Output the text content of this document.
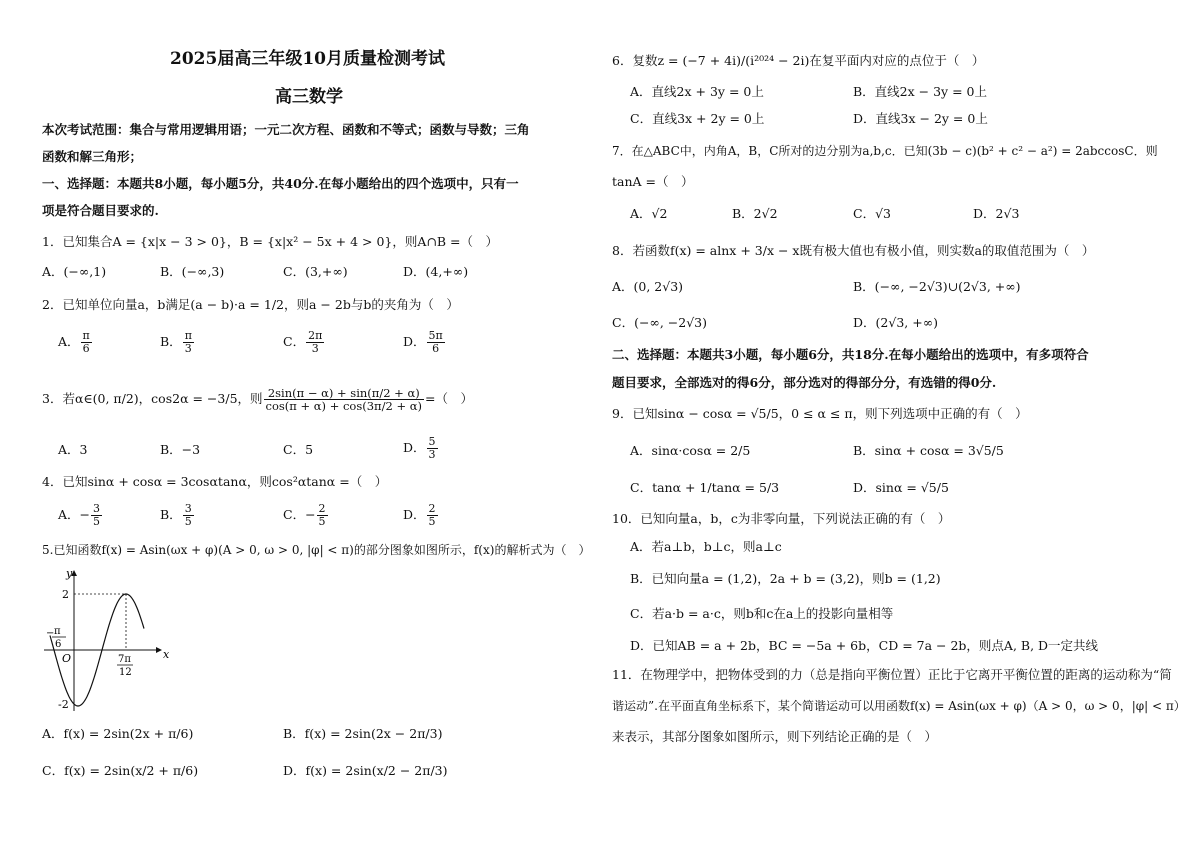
2025届高三年级10月质量检测考试
高三数学
本次考试范围：集合与常用逻辑用语；一元二次方程、函数和不等式；函数与导数；三角
函数和解三角形；
一、选择题：本题共8小题，每小题5分，共40分.在每小题给出的四个选项中，只有一
项是符合题目要求的.
1．已知集合A = {x|x − 3 > 0}，B = {x|x² − 5x + 4 > 0}，则A∩B =（　）
A．(−∞,1)	B．(−∞,3)	C．(3,+∞)	D．(4,+∞)
2．已知单位向量a，b满足(a − b)·a = 1/2，则a − 2b与b的夹角为（　）
A． $\frac{\pi}{6}$	B． $\frac{\pi}{3}$	C． $\frac{2\pi}{3}$	D． $\frac{5\pi}{6}$
3．若α∈(0, π/2)，cos2α = −3/5，则 $\frac{2\sin(\pi - \alpha) + \sin(\pi/2 + \alpha)}{\cos(\pi + \alpha) + \cos(3\pi/2 + \alpha)}$ =（　）
A．3	B．−3	C．5	D． $\frac{5}{3}$
4．已知sinα + cosα = 3cosαtanα，则cos²αtanα =（　）
A．− $\frac{3}{5}$	B． $\frac{3}{5}$	C．− $\frac{2}{5}$	D． $\frac{2}{5}$
5.已知函数f(x) = Asin(ωx + φ)(A > 0, ω > 0, |φ| < π)的部分图象如图所示，f(x)的解析式为（　）
y
x
O
2
-2
− π
6
7π
12
A．f(x) = 2sin(2x + π/6)	B．f(x) = 2sin(2x − 2π/3)
C．f(x) = 2sin(x/2 + π/6)	D．f(x) = 2sin(x/2 − 2π/3)
6．复数z = (−7 + 4i)/(i²⁰²⁴ − 2i)在复平面内对应的点位于（　）
A．直线2x + 3y = 0上	B．直线2x − 3y = 0上
C．直线3x + 2y = 0上	D．直线3x − 2y = 0上
7．在△ABC中，内角A，B，C所对的边分别为a,b,c．已知(3b − c)(b² + c² − a²) = 2abccosC．则
tanA =（　）
A．√2	B．2√2	C．√3	D．2√3
8．若函数f(x) = alnx + 3/x − x既有极大值也有极小值，则实数a的取值范围为（　）
A．(0, 2√3)	B．(−∞, −2√3)∪(2√3, +∞)
C．(−∞, −2√3)	D．(2√3, +∞)
二、选择题：本题共3小题，每小题6分，共18分.在每小题给出的选项中，有多项符合
题目要求，全部选对的得6分，部分选对的得部分分，有选错的得0分.
9．已知sinα − cosα = √5/5，0 ≤ α ≤ π，则下列选项中正确的有（　）
A．sinα·cosα = 2/5	B．sinα + cosα = 3√5/5
C．tanα + 1/tanα = 5/3	D．sinα = √5/5
10．已知向量a，b，c为非零向量，下列说法正确的有（　）
A．若a⊥b，b⊥c，则a⊥c
B．已知向量a = (1,2)，2a + b = (3,2)，则b = (1,2)
C．若a·b = a·c，则b和c在a上的投影向量相等
D．已知AB = a + 2b，BC = −5a + 6b，CD = 7a − 2b，则点A, B, D一定共线
11．在物理学中，把物体受到的力（总是指向平衡位置）正比于它离开平衡位置的距离的运动称为“简
谐运动”.在平面直角坐标系下，某个简谐运动可以用函数f(x) = Asin(ωx + φ)（A > 0，ω > 0，|φ| < π）
来表示，其部分图象如图所示，则下列结论正确的是（　）
